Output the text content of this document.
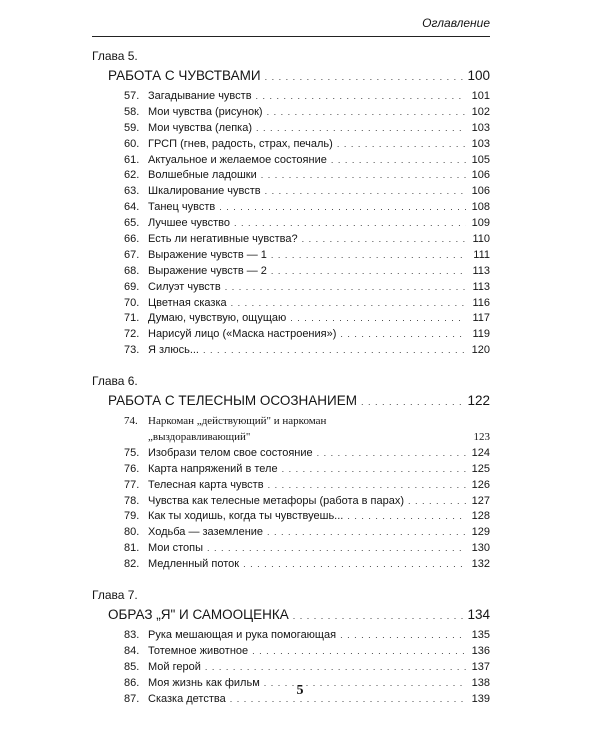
Оглавление
Глава 5.
РАБОТА С ЧУВСТВАМИ . . .	100
57. Загадывание чувств . . .	101
58. Мои чувства (рисунок) . . .	102
59. Мои чувства (лепка) . . .	103
60. ГРСП (гнев, радость, страх, печаль) . . .	103
61. Актуальное и желаемое состояние . . .	105
62. Волшебные ладошки . . .	106
63. Шкалирование чувств . . .	106
64. Танец чувств . . .	108
65. Лучшее чувство . . .	109
66. Есть ли негативные чувства? . . .	110
67. Выражение чувств — 1 . . .	111
68. Выражение чувств — 2 . . .	113
69. Силуэт чувств . . .	113
70. Цветная сказка . . .	116
71. Думаю, чувствую, ощущаю . . .	117
72. Нарисуй лицо («Маска настроения») . . .	119
73. Я злюсь... . . .	120
Глава 6.
РАБОТА С ТЕЛЕСНЫМ ОСОЗНАНИЕМ . . .	122
74. Наркоман „действующий" и наркоман
„выздоравливающий"	123
75. Изобрази телом свое состояние . . .	124
76. Карта напряжений в теле . . .	125
77. Телесная карта чувств . . .	126
78. Чувства как телесные метафоры (работа в парах) . . .	127
79. Как ты ходишь, когда ты чувствуешь... . . .	128
80. Ходьба — заземление . . .	129
81. Мои стопы . . .	130
82. Медленный поток . . .	132
Глава 7.
ОБРАЗ „Я" И САМООЦЕНКА . . .	134
83. Рука мешающая и рука помогающая . . .	135
84. Тотемное животное . . .	136
85. Мой герой . . .	137
86. Моя жизнь как фильм . . .	138
87. Сказка детства . . .	139
5
